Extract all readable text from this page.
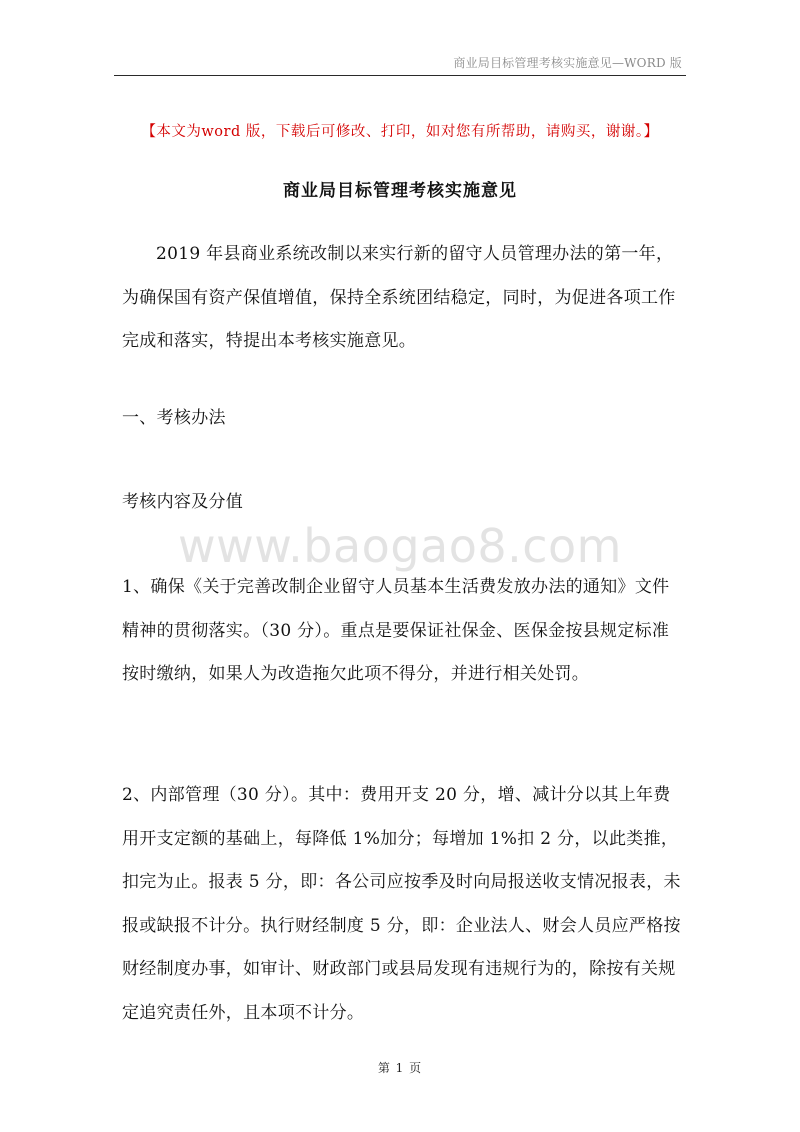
商业局目标管理考核实施意见—WORD 版
【本文为word 版，下载后可修改、打印，如对您有所帮助，请购买，谢谢。】
商业局目标管理考核实施意见
2019 年县商业系统改制以来实行新的留守人员管理办法的第一年，为确保国有资产保值增值，保持全系统团结稳定，同时，为促进各项工作完成和落实，特提出本考核实施意见。
一、考核办法
考核内容及分值
www.baogao8.com
1、确保《关于完善改制企业留守人员基本生活费发放办法的通知》文件精神的贯彻落实。（30 分）。重点是要保证社保金、医保金按县规定标准按时缴纳，如果人为改造拖欠此项不得分，并进行相关处罚。
2、内部管理（30 分）。其中：费用开支 20 分，增、减计分以其上年费用开支定额的基础上，每降低 1%加分；每增加 1%扣 2 分，以此类推，扣完为止。报表 5 分，即：各公司应按季及时向局报送收支情况报表，未报或缺报不计分。执行财经制度 5 分，即：企业法人、财会人员应严格按财经制度办事，如审计、财政部门或县局发现有违规行为的，除按有关规定追究责任外，且本项不计分。
第 1 页
